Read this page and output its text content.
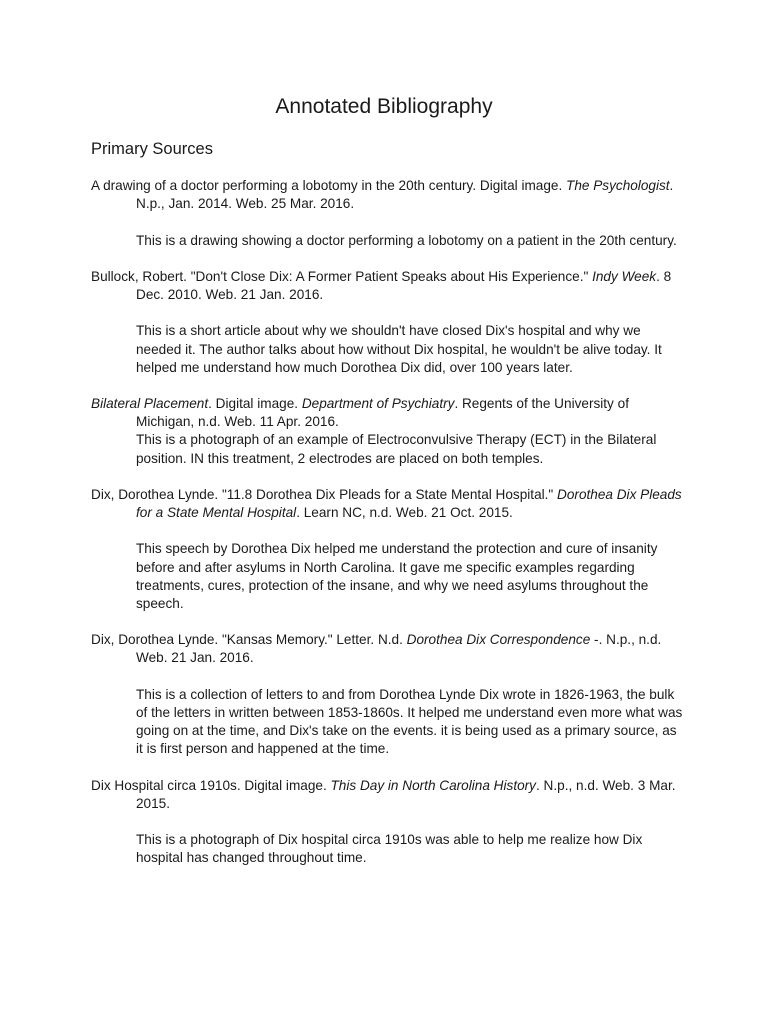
Annotated Bibliography
Primary Sources

A drawing of a doctor performing a lobotomy in the 20th century. Digital image. The Psychologist. N.p., Jan. 2014. Web. 25 Mar. 2016.

This is a drawing showing a doctor performing a lobotomy on a patient in the 20th century.

Bullock, Robert. "Don't Close Dix: A Former Patient Speaks about His Experience." Indy Week. 8 Dec. 2010. Web. 21 Jan. 2016.

This is a short article about why we shouldn't have closed Dix's hospital and why we needed it. The author talks about how without Dix hospital, he wouldn't be alive today. It helped me understand how much Dorothea Dix did, over 100 years later.

Bilateral Placement. Digital image. Department of Psychiatry. Regents of the University of Michigan, n.d. Web. 11 Apr. 2016.

This is a photograph of an example of Electroconvulsive Therapy (ECT) in the Bilateral position. IN this treatment, 2 electrodes are placed on both temples.

Dix, Dorothea Lynde. "11.8 Dorothea Dix Pleads for a State Mental Hospital." Dorothea Dix Pleads for a State Mental Hospital. Learn NC, n.d. Web. 21 Oct. 2015.

This speech by Dorothea Dix helped me understand the protection and cure of insanity before and after asylums in North Carolina. It gave me specific examples regarding treatments, cures, protection of the insane, and why we need asylums throughout the speech.

Dix, Dorothea Lynde. "Kansas Memory." Letter. N.d. Dorothea Dix Correspondence -. N.p., n.d. Web. 21 Jan. 2016.

This is a collection of letters to and from Dorothea Lynde Dix wrote in 1826-1963, the bulk of the letters in written between 1853-1860s. It helped me understand even more what was going on at the time, and Dix's take on the events. it is being used as a primary source, as it is first person and happened at the time.

Dix Hospital circa 1910s. Digital image. This Day in North Carolina History. N.p., n.d. Web. 3 Mar. 2015.

This is a photograph of Dix hospital circa 1910s was able to help me realize how Dix hospital has changed throughout time.
